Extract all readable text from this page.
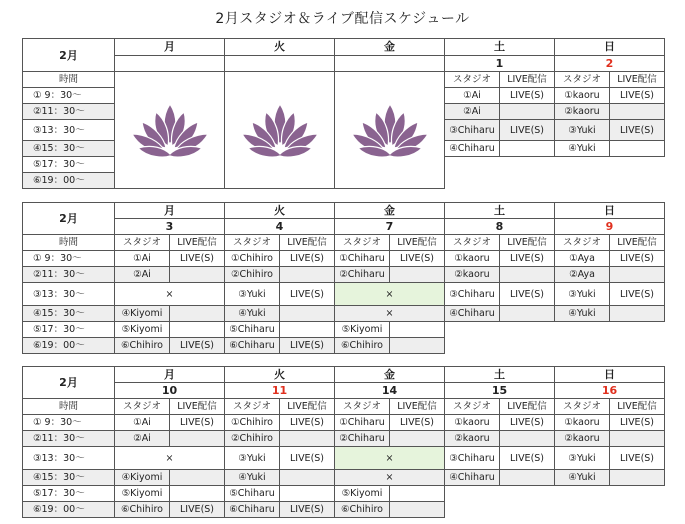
2月スタジオ＆ライブ配信スケジュール
2月	月	火	金	土		日	
				1		2	
時間				スタジオ	LIVE配信	スタジオ	LIVE配信
① 9：30～				①Ai	LIVE(S)	①kaoru	LIVE(S)
②11：30～				②Ai		②kaoru	
③13：30～				③Chiharu	LIVE(S)	③Yuki	LIVE(S)
④15：30～				④Chiharu		④Yuki	
⑤17：30～							
⑥19：00～							
2月	月		火		金		土		日	
	3		4		7		8		9	
時間	スタジオ	LIVE配信	スタジオ	LIVE配信	スタジオ	LIVE配信	スタジオ	LIVE配信	スタジオ	LIVE配信
① 9：30～	①Ai	LIVE(S)	①Chihiro	LIVE(S)	①Chiharu	LIVE(S)	①kaoru	LIVE(S)	①Aya	LIVE(S)
②11：30～	②Ai		②Chihiro		②Chiharu		②kaoru		②Aya	
③13：30～	×		③Yuki	LIVE(S)	×		③Chiharu	LIVE(S)	③Yuki	LIVE(S)
④15：30～	④Kiyomi		④Yuki		×		④Chiharu		④Yuki	
⑤17：30～	⑤Kiyomi		⑤Chiharu		⑤Kiyomi					
⑥19：00～	⑥Chihiro	LIVE(S)	⑥Chiharu	LIVE(S)	⑥Chihiro					
2月	月		火		金		土		日	
	10		11		14		15		16	
時間	スタジオ	LIVE配信	スタジオ	LIVE配信	スタジオ	LIVE配信	スタジオ	LIVE配信	スタジオ	LIVE配信
① 9：30～	①Ai	LIVE(S)	①Chihiro	LIVE(S)	①Chiharu	LIVE(S)	①kaoru	LIVE(S)	①kaoru	LIVE(S)
②11：30～	②Ai		②Chihiro		②Chiharu		②kaoru		②kaoru	
③13：30～	×		③Yuki	LIVE(S)	×		③Chiharu	LIVE(S)	③Yuki	LIVE(S)
④15：30～	④Kiyomi		④Yuki		×		④Chiharu		④Yuki	
⑤17：30～	⑤Kiyomi		⑤Chiharu		⑤Kiyomi					
⑥19：00～	⑥Chihiro	LIVE(S)	⑥Chiharu	LIVE(S)	⑥Chihiro					
